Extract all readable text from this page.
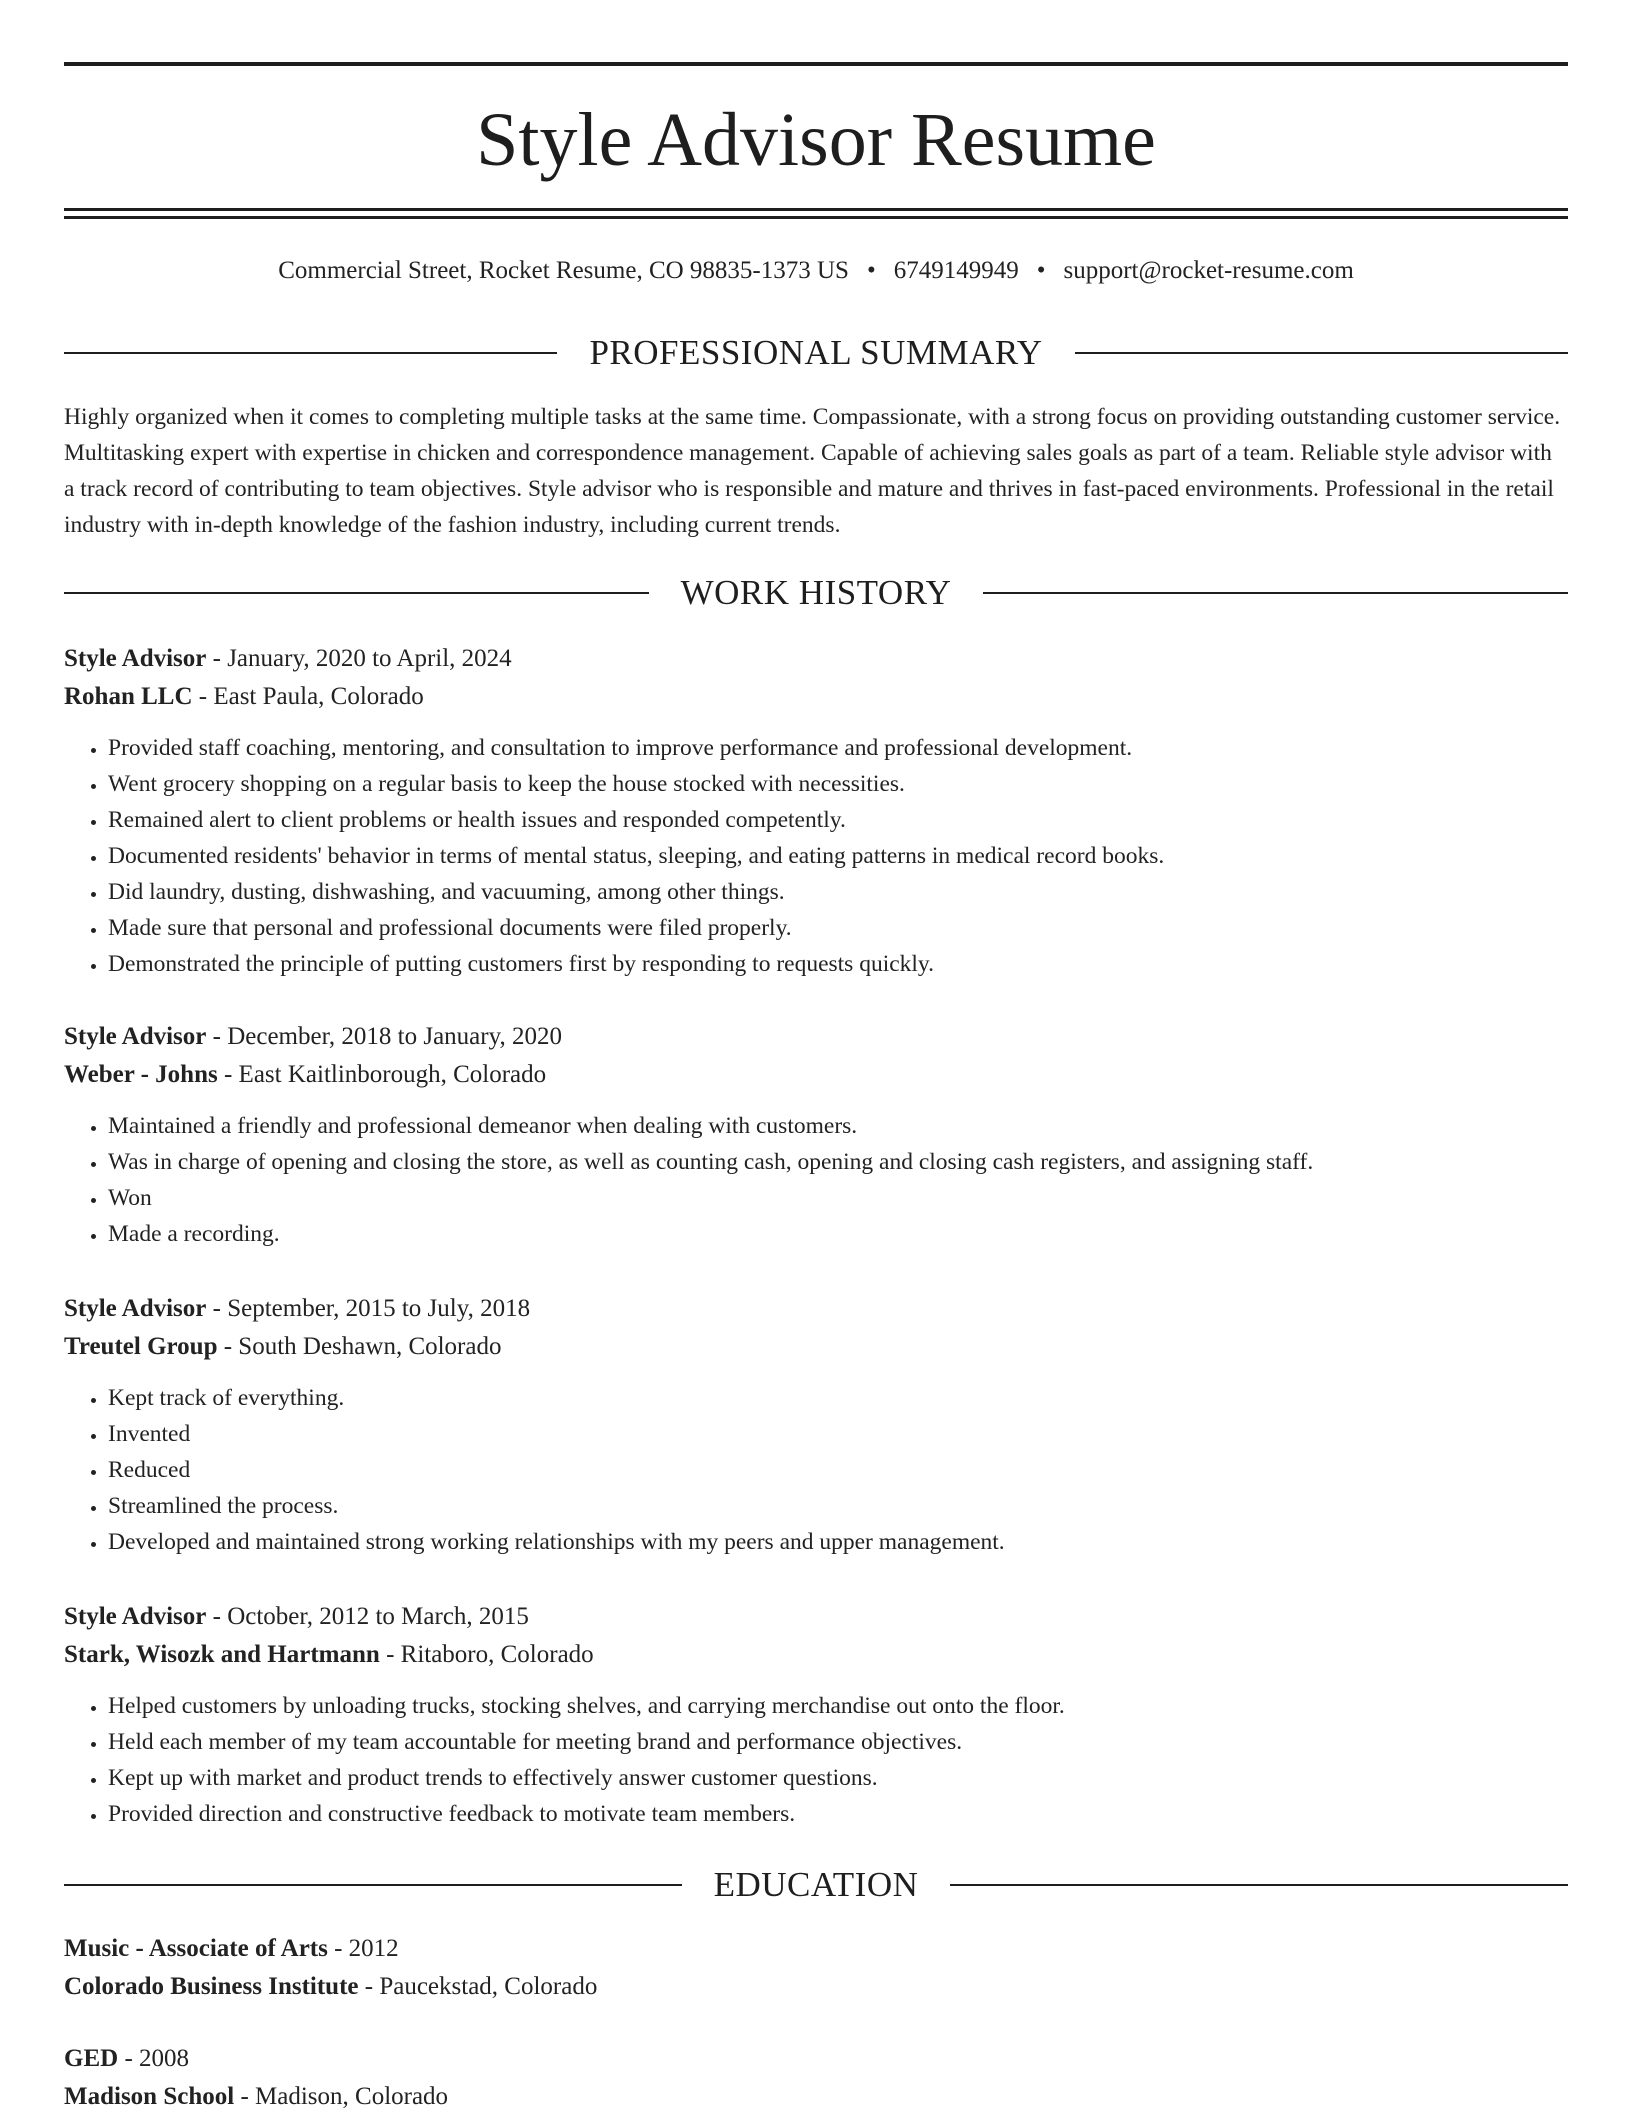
Style Advisor Resume
Commercial Street, Rocket Resume, CO 98835-1373 US • 6749149949 • support@rocket-resume.com
PROFESSIONAL SUMMARY

Highly organized when it comes to completing multiple tasks at the same time. Compassionate, with a strong focus on providing outstanding customer service. Multitasking expert with expertise in chicken and correspondence management. Capable of achieving sales goals as part of a team. Reliable style advisor with a track record of contributing to team objectives. Style advisor who is responsible and mature and thrives in fast-paced environments. Professional in the retail industry with in-depth knowledge of the fashion industry, including current trends.

WORK HISTORY
Style Advisor - January, 2020 to April, 2024
Rohan LLC - East Paula, Colorado
• Provided staff coaching, mentoring, and consultation to improve performance and professional development.
• Went grocery shopping on a regular basis to keep the house stocked with necessities.
• Remained alert to client problems or health issues and responded competently.
• Documented residents' behavior in terms of mental status, sleeping, and eating patterns in medical record books.
• Did laundry, dusting, dishwashing, and vacuuming, among other things.
• Made sure that personal and professional documents were filed properly.
• Demonstrated the principle of putting customers first by responding to requests quickly.
Style Advisor - December, 2018 to January, 2020
Weber - Johns - East Kaitlinborough, Colorado
• Maintained a friendly and professional demeanor when dealing with customers.
• Was in charge of opening and closing the store, as well as counting cash, opening and closing cash registers, and assigning staff.
• Won
• Made a recording.
Style Advisor - September, 2015 to July, 2018
Treutel Group - South Deshawn, Colorado
• Kept track of everything.
• Invented
• Reduced
• Streamlined the process.
• Developed and maintained strong working relationships with my peers and upper management.
Style Advisor - October, 2012 to March, 2015
Stark, Wisozk and Hartmann - Ritaboro, Colorado
• Helped customers by unloading trucks, stocking shelves, and carrying merchandise out onto the floor.
• Held each member of my team accountable for meeting brand and performance objectives.
• Kept up with market and product trends to effectively answer customer questions.
• Provided direction and constructive feedback to motivate team members.
EDUCATION
Music - Associate of Arts - 2012
Colorado Business Institute - Paucekstad, Colorado
GED - 2008
Madison School - Madison, Colorado
